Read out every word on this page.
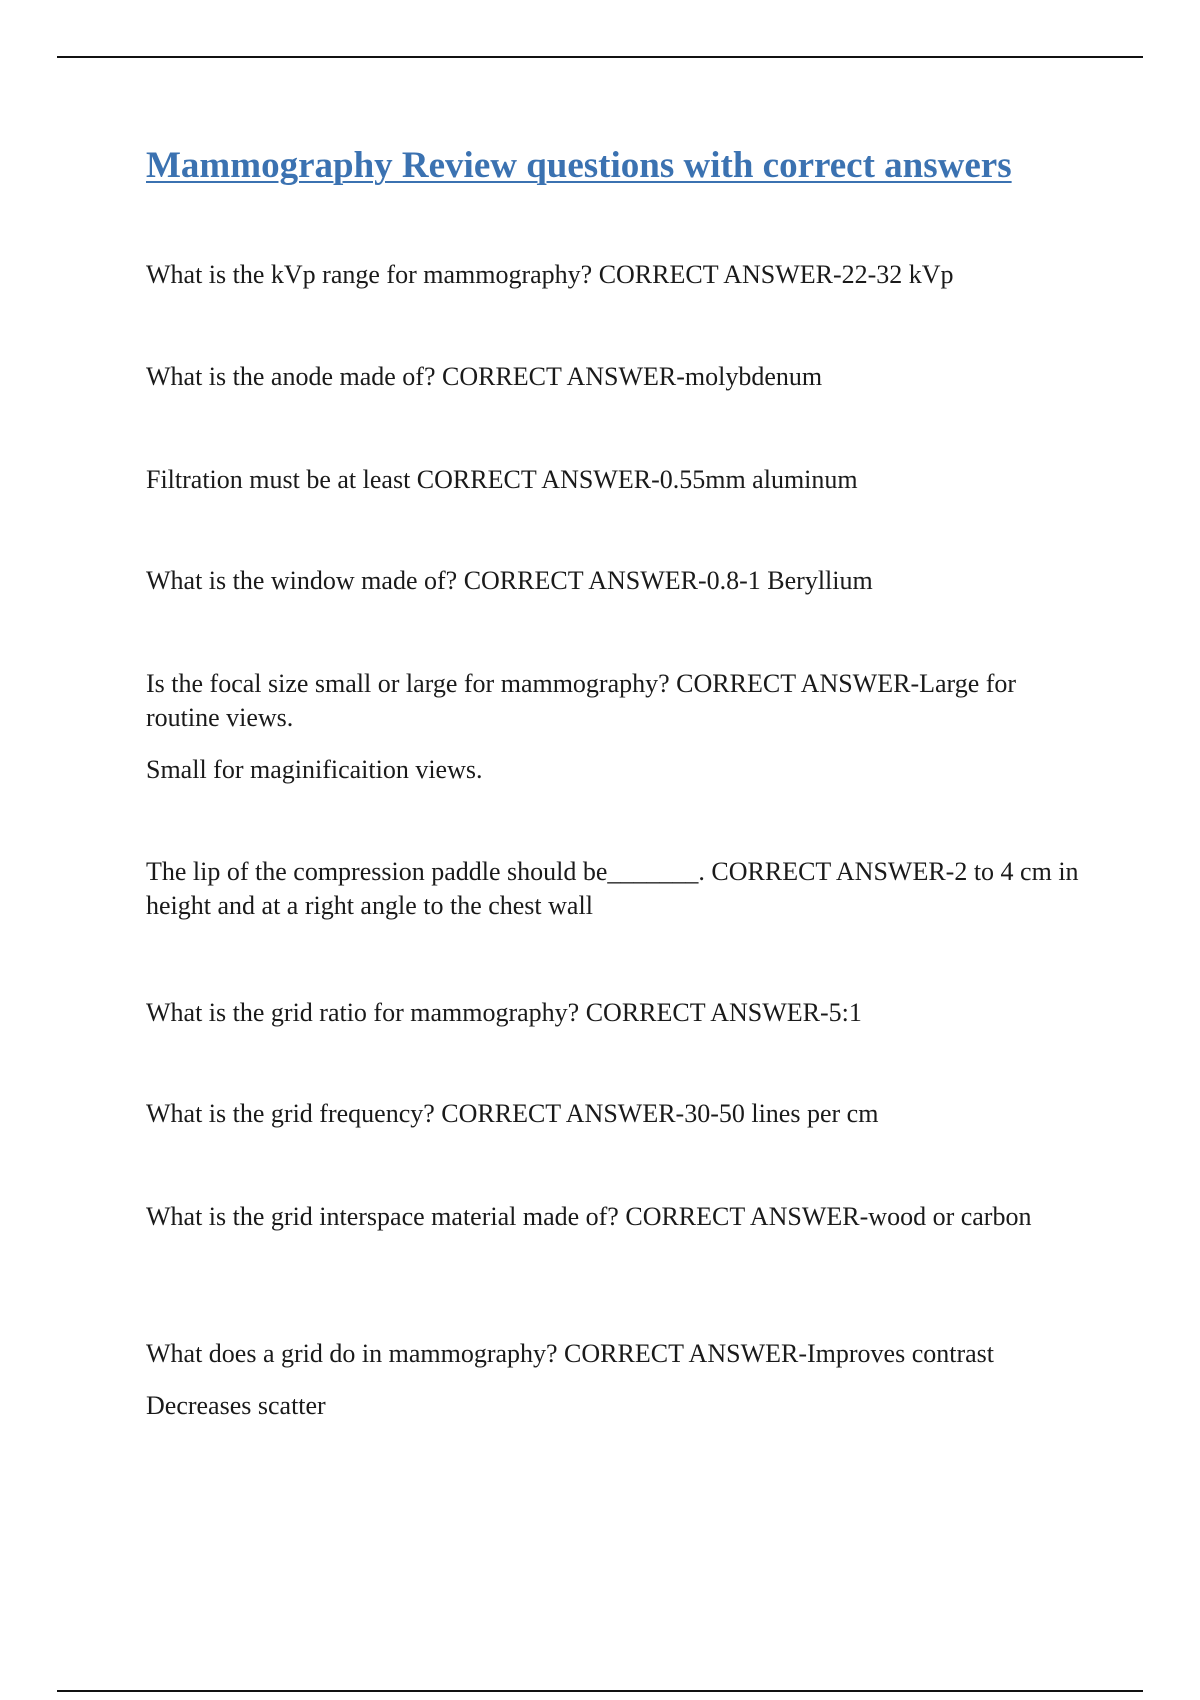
Mammography Review questions with correct answers

What is the kVp range for mammography? CORRECT ANSWER-22-32 kVp

What is the anode made of? CORRECT ANSWER-molybdenum

Filtration must be at least CORRECT ANSWER-0.55mm aluminum

What is the window made of? CORRECT ANSWER-0.8-1 Beryllium

Is the focal size small or large for mammography? CORRECT ANSWER-Large for routine views.

Small for maginificaition views.

The lip of the compression paddle should be_______. CORRECT ANSWER-2 to 4 cm in height and at a right angle to the chest wall

What is the grid ratio for mammography? CORRECT ANSWER-5:1

What is the grid frequency? CORRECT ANSWER-30-50 lines per cm

What is the grid interspace material made of? CORRECT ANSWER-wood or carbon

What does a grid do in mammography? CORRECT ANSWER-Improves contrast

Decreases scatter
